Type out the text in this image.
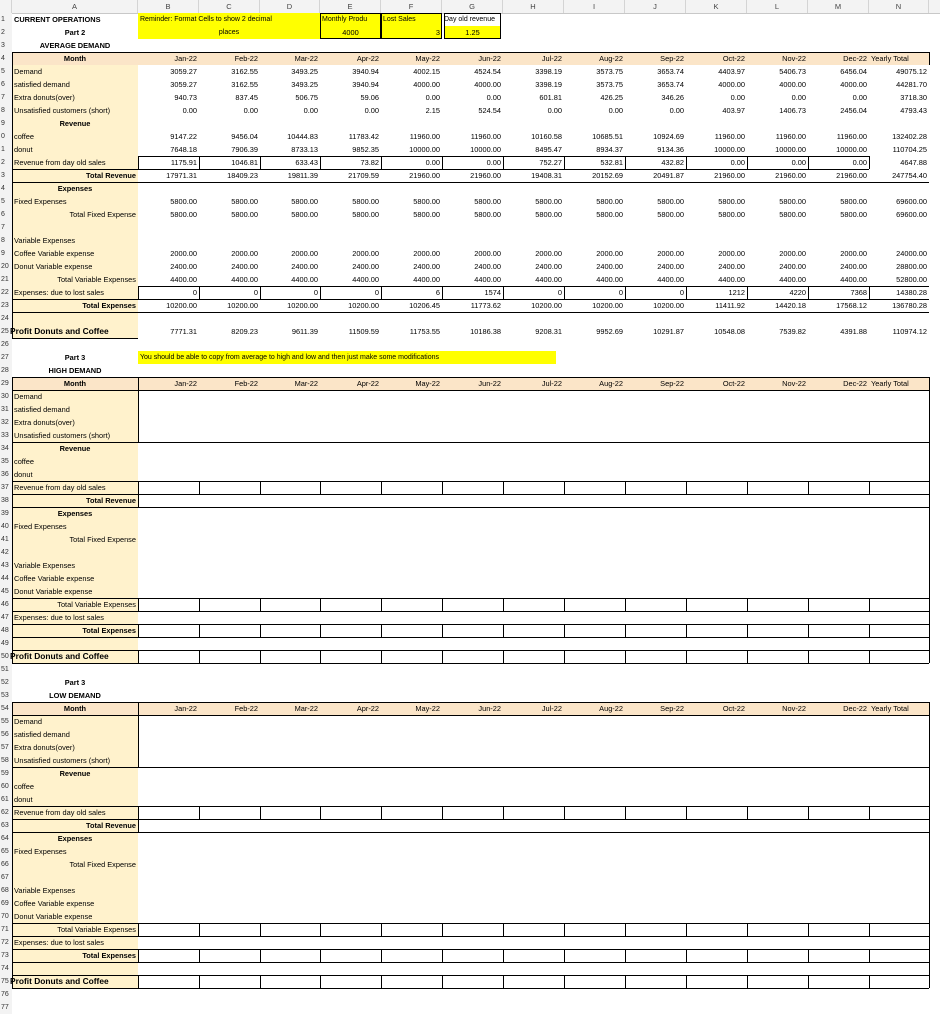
A	B	C	D	E	F	G	H	I	J	K	L	M	N
1
2
3
4
5
6
7
8
9
0
1
2
3
4
5
6
7
8
9
20
21
22
23
24
25
26
27
28
29
30
31
32
33
34
35
36
37
38
39
40
41
42
43
44
45
46
47
48
49
50
51
52
53
54
55
56
57
58
59
60
61
62
63
64
65
66
67
68
69
70
71
72
73
74
75
76
77
CURRENT OPERATIONS
Part 2
AVERAGE DEMAND
Reminder: Format Cells to show 2 decimal
places
Monthly Produ
4000
Lost Sales
3
Day old revenue
1.25
Month	Jan-22	Feb-22	Mar-22	Apr-22	May-22	Jun-22	Jul-22	Aug-22	Sep-22	Oct-22	Nov-22	Dec-22 Yearly Total
Demand	3059.27	3162.55	3493.25	3940.94	4002.15	4524.54	3398.19	3573.75	3653.74	4403.97	5406.73	6456.04	49075.12
satisfied demand	3059.27	3162.55	3493.25	3940.94	4000.00	4000.00	3398.19	3573.75	3653.74	4000.00	4000.00	4000.00	44281.70
Extra donuts(over)	940.73	837.45	506.75	59.06	0.00	0.00	601.81	426.25	346.26	0.00	0.00	0.00	3718.30
Unsatisfied customers (short)	0.00	0.00	0.00	0.00	2.15	524.54	0.00	0.00	0.00	403.97	1406.73	2456.04	4793.43
coffee	9147.22	9456.04	10444.83	11783.42	11960.00	11960.00	10160.58	10685.51	10924.69	11960.00	11960.00	11960.00	132402.28
donut	7648.18	7906.39	8733.13	9852.35	10000.00	10000.00	8495.47	8934.37	9134.36	10000.00	10000.00	10000.00	110704.25
Revenue from day old sales	1175.91	1046.81	633.43	73.82	0.00	0.00	752.27	532.81	432.82	0.00	0.00	0.00	4647.88
Total Revenue	17971.31	18409.23	19811.39	21709.59	21960.00	21960.00	19408.31	20152.69	20491.87	21960.00	21960.00	21960.00	247754.40
Fixed Expenses	5800.00	5800.00	5800.00	5800.00	5800.00	5800.00	5800.00	5800.00	5800.00	5800.00	5800.00	5800.00	69600.00
Total Fixed Expense	5800.00	5800.00	5800.00	5800.00	5800.00	5800.00	5800.00	5800.00	5800.00	5800.00	5800.00	5800.00	69600.00
Coffee Variable expense	2000.00	2000.00	2000.00	2000.00	2000.00	2000.00	2000.00	2000.00	2000.00	2000.00	2000.00	2000.00	24000.00
Donut Variable expense	2400.00	2400.00	2400.00	2400.00	2400.00	2400.00	2400.00	2400.00	2400.00	2400.00	2400.00	2400.00	28800.00
Total Variable Expenses	4400.00	4400.00	4400.00	4400.00	4400.00	4400.00	4400.00	4400.00	4400.00	4400.00	4400.00	4400.00	52800.00
Expenses: due to lost sales	0	0	0	0	6	1574	0	0	0	1212	4220	7368	14380.28
Total Expenses	10200.00	10200.00	10200.00	10200.00	10206.45	11773.62	10200.00	10200.00	10200.00	11411.92	14420.18	17568.12	136780.28
Profit Donuts and Coffee	7771.31	8209.23	9611.39	11509.59	11753.55	10186.38	9208.31	9952.69	10291.87	10548.08	7539.82	4391.88	110974.12
Revenue
Expenses
Variable Expenses
Part 3
HIGH DEMAND
You should be able to copy from average to high and low and then just make some modifications
Month	Jan-22	Feb-22	Mar-22	Apr-22	May-22	Jun-22	Jul-22	Aug-22	Sep-22	Oct-22	Nov-22	Dec-22 Yearly Total
Demand
satisfied demand
Extra donuts(over)
Unsatisfied customers (short)
Revenue
coffee
donut
Revenue from day old sales
Total Revenue
Expenses
Fixed Expenses
Total Fixed Expense
Variable Expenses
Coffee Variable expense
Donut Variable expense
Total Variable Expenses
Expenses: due to lost sales
Total Expenses
Profit Donuts and Coffee
Part 3
LOW DEMAND
Month	Jan-22	Feb-22	Mar-22	Apr-22	May-22	Jun-22	Jul-22	Aug-22	Sep-22	Oct-22	Nov-22	Dec-22 Yearly Total
Demand
satisfied demand
Extra donuts(over)
Unsatisfied customers (short)
Revenue
coffee
donut
Revenue from day old sales
Total Revenue
Expenses
Fixed Expenses
Total Fixed Expense
Variable Expenses
Coffee Variable expense
Donut Variable expense
Total Variable Expenses
Expenses: due to lost sales
Total Expenses
Profit Donuts and Coffee
